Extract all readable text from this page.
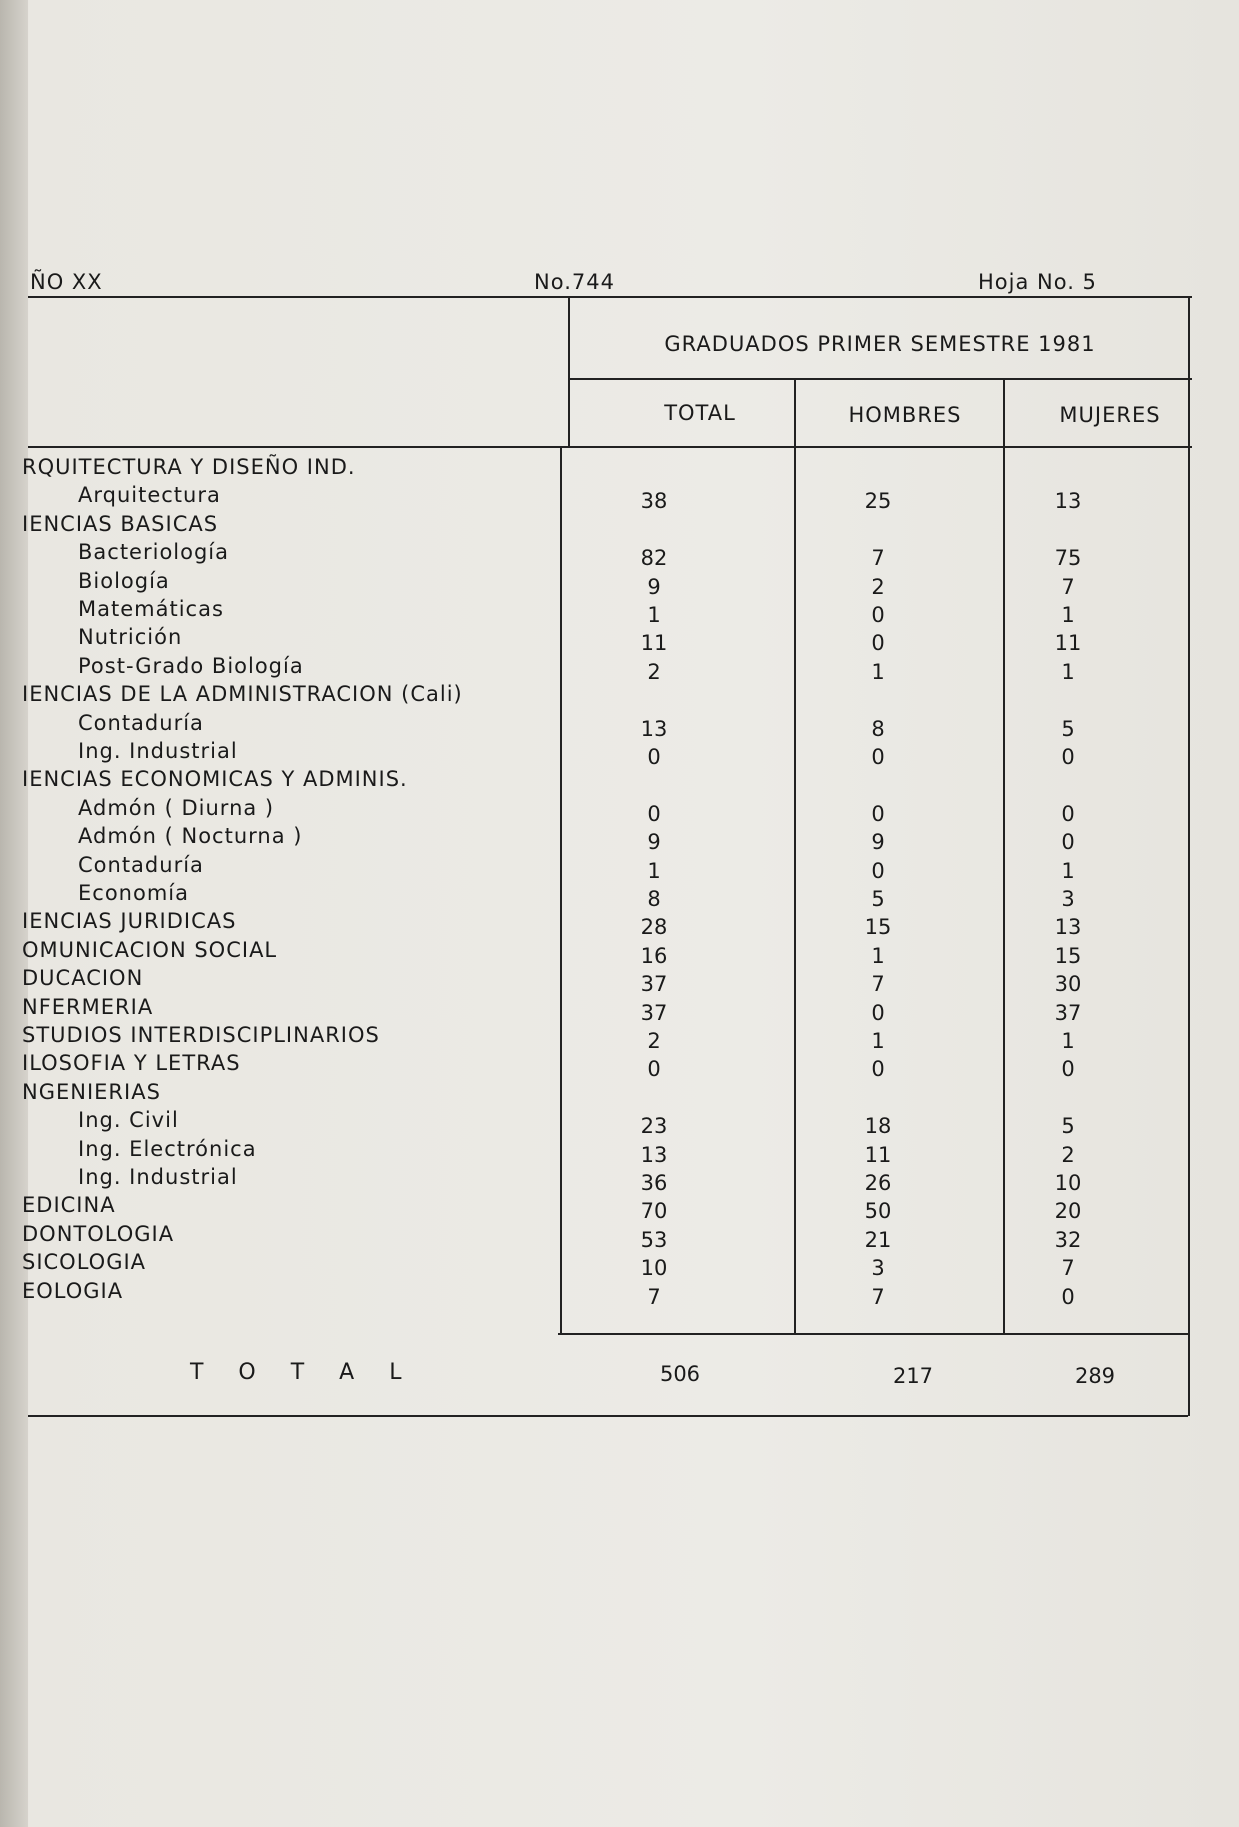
ÑO XX	No.744	Hoja No. 5
GRADUADOS PRIMER SEMESTRE 1981
TOTAL	HOMBRES	MUJERES
RQUITECTURA Y DISEÑO IND.
Arquitectura	38	25	13
IENCIAS BASICAS
Bacteriología	82	7	75
Biología	9	2	7
Matemáticas	1	0	1
Nutrición	11	0	11
Post-Grado Biología	2	1	1
IENCIAS DE LA ADMINISTRACION (Cali)
Contaduría	13	8	5
Ing. Industrial	0	0	0
IENCIAS ECONOMICAS Y ADMINIS.
Admón ( Diurna )	0	0	0
Admón ( Nocturna )	9	9	0
Contaduría	1	0	1
Economía	8	5	3
IENCIAS JURIDICAS	28	15	13
OMUNICACION SOCIAL	16	1	15
DUCACION	37	7	30
NFERMERIA	37	0	37
STUDIOS INTERDISCIPLINARIOS	2	1	1
ILOSOFIA Y LETRAS	0	0	0
NGENIERIAS
Ing. Civil	23	18	5
Ing. Electrónica	13	11	2
Ing. Industrial	36	26	10
EDICINA	70	50	20
DONTOLOGIA	53	21	32
SICOLOGIA	10	3	7
EOLOGIA	7	7	0
T O T A L	506	217	289
